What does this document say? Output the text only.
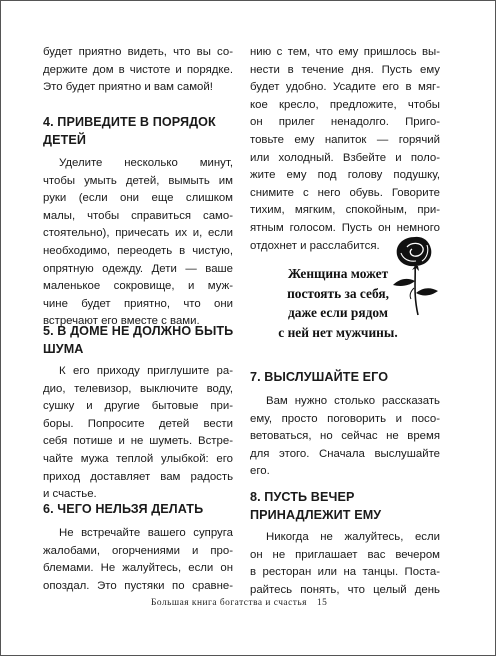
будет приятно видеть, что вы со-
держите дом в чистоте и порядке.
Это будет приятно и вам самой!
4. ПРИВЕДИТЕ В ПОРЯДОК
ДЕТЕЙ
Уделите несколько минут,
чтобы умыть детей, вымыть им
руки (если они еще слишком
малы, чтобы справиться само-
стоятельно), причесать их и, если
необходимо, переодеть в чистую,
опрятную одежду. Дети — ваше
маленькое сокровище, и муж-
чине будет приятно, что они
встречают его вместе с вами.
5. В ДОМЕ НЕ ДОЛЖНО БЫТЬ
ШУМА
К его приходу приглушите ра-
дио, телевизор, выключите воду,
сушку и другие бытовые при-
боры. Попросите детей вести
себя потише и не шуметь. Встре-
чайте мужа теплой улыбкой: его
приход доставляет вам радость
и счастье.
6. ЧЕГО НЕЛЬЗЯ ДЕЛАТЬ
Не встречайте вашего супруга
жалобами, огорчениями и про-
блемами. Не жалуйтесь, если он
опоздал. Это пустяки по сравне-
нию с тем, что ему пришлось вы-
нести в течение дня. Пусть ему
будет удобно. Усадите его в мяг-
кое кресло, предложите, чтобы
он прилег ненадолго. Приго-
товьте ему напиток — горячий
или холодный. Взбейте и поло-
жите ему под голову подушку,
снимите с него обувь. Говорите
тихим, мягким, спокойным, при-
ятным голосом. Пусть он немного
отдохнет и расслабится.
7. ВЫСЛУШАЙТЕ ЕГО
Вам нужно столько рассказать
ему, просто поговорить и посо-
ветоваться, но сейчас не время
для этого. Сначала выслушайте
его.
8. ПУСТЬ ВЕЧЕР
ПРИНАДЛЕЖИТ ЕМУ
Никогда не жалуйтесь, если
он не приглашает вас вечером
в ресторан или на танцы. Поста-
райтесь понять, что целый день
Женщина может
постоять за себя,
даже если рядом
с ней нет мужчины.
Большая книга богатства и счастья 15
